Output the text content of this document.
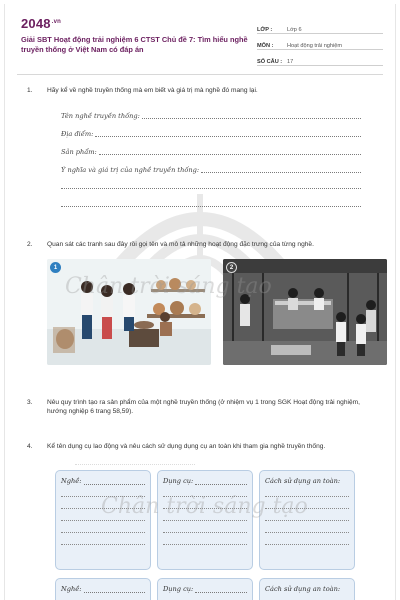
$2048^{.vn}$
Giải SBT Hoạt động trải nghiệm 6 CTST Chủ đề 7: Tìm hiểu nghề truyền thống ở Việt Nam có đáp án
LỚP :	Lớp 6
MÔN :	Hoạt động trải nghiệm
SỐ CÂU : 17
1.	Hãy kể về nghề truyền thống mà em biết và giá trị mà nghề đó mang lại.
Tên nghề truyền thống:
Địa điểm:
Sản phẩm:
Ý nghĩa và giá trị của nghề truyền thống:
2.	Quan sát các tranh sau đây rồi gọi tên và mô tả những hoạt động đặc trưng của từng nghề.
1	2
3.	Nêu quy trình tạo ra sản phẩm của một nghề truyền thống (ở nhiệm vụ 1 trong SGK Hoạt động trải nghiệm, hướng nghiệp 6 trang 58,59).
4.	Kể tên dụng cụ lao động và nêu cách sử dụng dụng cụ an toàn khi tham gia nghề truyền thống.
Nghề:	Dụng cụ:	Cách sử dụng an toàn:
Nghề:	Dụng cụ:	Cách sử dụng an toàn:
Chân trời sáng tạo
Chân trời sáng tạo
